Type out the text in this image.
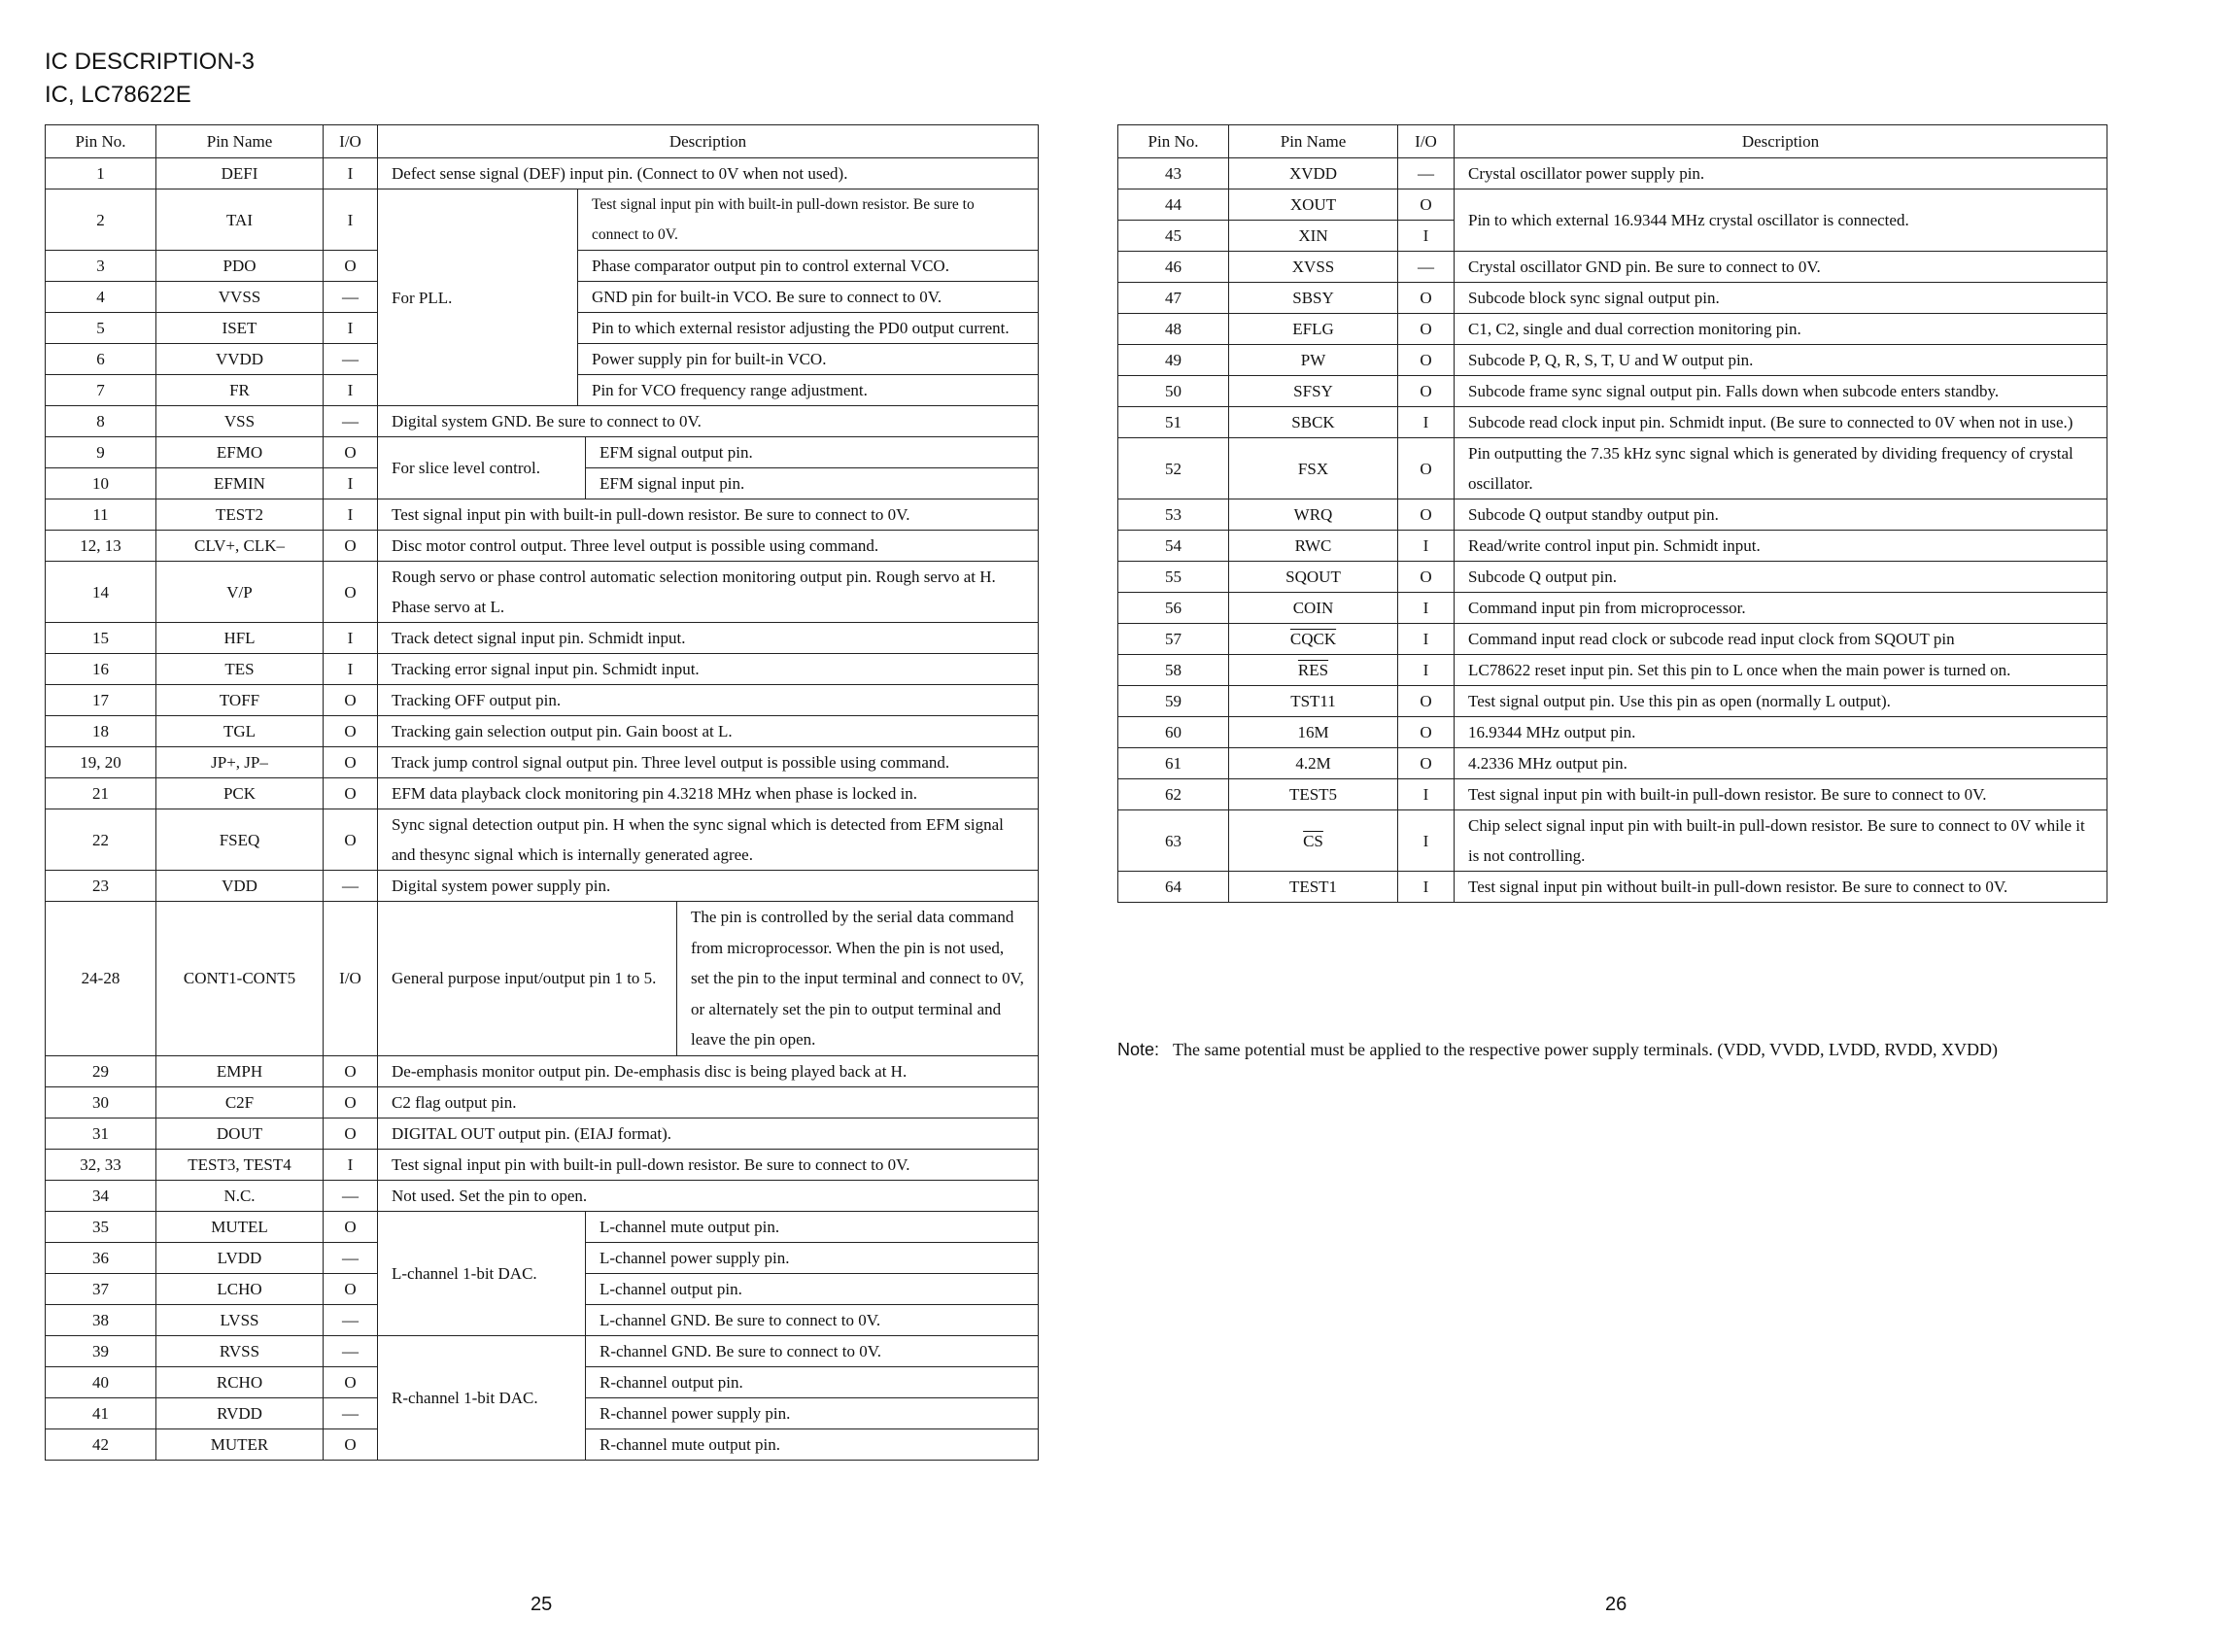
IC DESCRIPTION-3
IC, LC78622E
Pin No.	Pin Name	I/O	Description			
1	DEFI	I	Defect sense signal (DEF) input pin. (Connect to 0V when not used).			
2	TAI	I	For PLL.	Test signal input pin with built-in pull-down resistor. Be sure to connect to 0V.		
3	PDO	O		Phase comparator output pin to control external VCO.		
4	VVSS	—		GND pin for built-in VCO. Be sure to connect to 0V.		
5	ISET	I		Pin to which external resistor adjusting the PD0 output current.		
6	VVDD	—		Power supply pin for built-in VCO.		
7	FR	I		Pin for VCO frequency range adjustment.		
8	VSS	—	Digital system GND. Be sure to connect to 0V.			
9	EFMO	O	For slice level control.		EFM signal output pin.	
10	EFMIN	I			EFM signal input pin.	
11	TEST2	I	Test signal input pin with built-in pull-down resistor. Be sure to connect to 0V.			
12, 13	CLV+, CLK–	O	Disc motor control output. Three level output is possible using command.			
14	V/P	O	Rough servo or phase control automatic selection monitoring output pin. Rough servo at H. Phase servo at L.			
15	HFL	I	Track detect signal input pin. Schmidt input.			
16	TES	I	Tracking error signal input pin. Schmidt input.			
17	TOFF	O	Tracking OFF output pin.			
18	TGL	O	Tracking gain selection output pin. Gain boost at L.			
19, 20	JP+, JP–	O	Track jump control signal output pin. Three level output is possible using command.			
21	PCK	O	EFM data playback clock monitoring pin 4.3218 MHz when phase is locked in.			
22	FSEQ	O	Sync signal detection output pin. H when the sync signal which is detected from EFM signal and thesync signal which is internally generated agree.			
23	VDD	—	Digital system power supply pin.			
24-28	CONT1-CONT5	I/O	General purpose input/output pin 1 to 5.			The pin is controlled by the serial data command from microprocessor. When the pin is not used, set the pin to the input terminal and connect to 0V, or alternately set the pin to output terminal and leave the pin open.
29	EMPH	O	De-emphasis monitor output pin. De-emphasis disc is being played back at H.			
30	C2F	O	C2 flag output pin.			
31	DOUT	O	DIGITAL OUT output pin. (EIAJ format).			
32, 33	TEST3, TEST4	I	Test signal input pin with built-in pull-down resistor. Be sure to connect to 0V.			
34	N.C.	—	Not used. Set the pin to open.			
35	MUTEL	O	L-channel 1-bit DAC.		L-channel mute output pin.	
36	LVDD	—			L-channel power supply pin.	
37	LCHO	O			L-channel output pin.	
38	LVSS	—			L-channel GND. Be sure to connect to 0V.	
39	RVSS	—	R-channel 1-bit DAC.		R-channel GND. Be sure to connect to 0V.	
40	RCHO	O			R-channel output pin.	
41	RVDD	—			R-channel power supply pin.	
42	MUTER	O			R-channel mute output pin.	
Pin No.	Pin Name	I/O	Description
43	XVDD	—	Crystal oscillator power supply pin.
44	XOUT	O	Pin to which external 16.9344 MHz crystal oscillator is connected.
45	XIN	I	
46	XVSS	—	Crystal oscillator GND pin. Be sure to connect to 0V.
47	SBSY	O	Subcode block sync signal output pin.
48	EFLG	O	C1, C2, single and dual correction monitoring pin.
49	PW	O	Subcode P, Q, R, S, T, U and W output pin.
50	SFSY	O	Subcode frame sync signal output pin. Falls down when subcode enters standby.
51	SBCK	I	Subcode read clock input pin. Schmidt input. (Be sure to connected to 0V when not in use.)
52	FSX	O	Pin outputting the 7.35 kHz sync signal which is generated by dividing frequency of crystal oscillator.
53	WRQ	O	Subcode Q output standby output pin.
54	RWC	I	Read/write control input pin. Schmidt input.
55	SQOUT	O	Subcode Q output pin.
56	COIN	I	Command input pin from microprocessor.
57	CQCK	I	Command input read clock or subcode read input clock from SQOUT pin
58	$\overline{RES}$	I	LC78622 reset input pin. Set this pin to L once when the main power is turned on.
59	TST11	O	Test signal output pin. Use this pin as open (normally L output).
60	16M	O	16.9344 MHz output pin.
61	4.2M	O	4.2336 MHz output pin.
62	TEST5	I	Test signal input pin with built-in pull-down resistor. Be sure to connect to 0V.
63	$\overline{CS}$	I	Chip select signal input pin with built-in pull-down resistor. Be sure to connect to 0V while it is not controlling.
64	TEST1	I	Test signal input pin without built-in pull-down resistor. Be sure to connect to 0V.
Note: The same potential must be applied to the respective power supply terminals. (VDD, VVDD, LVDD, RVDD, XVDD)
25	26
